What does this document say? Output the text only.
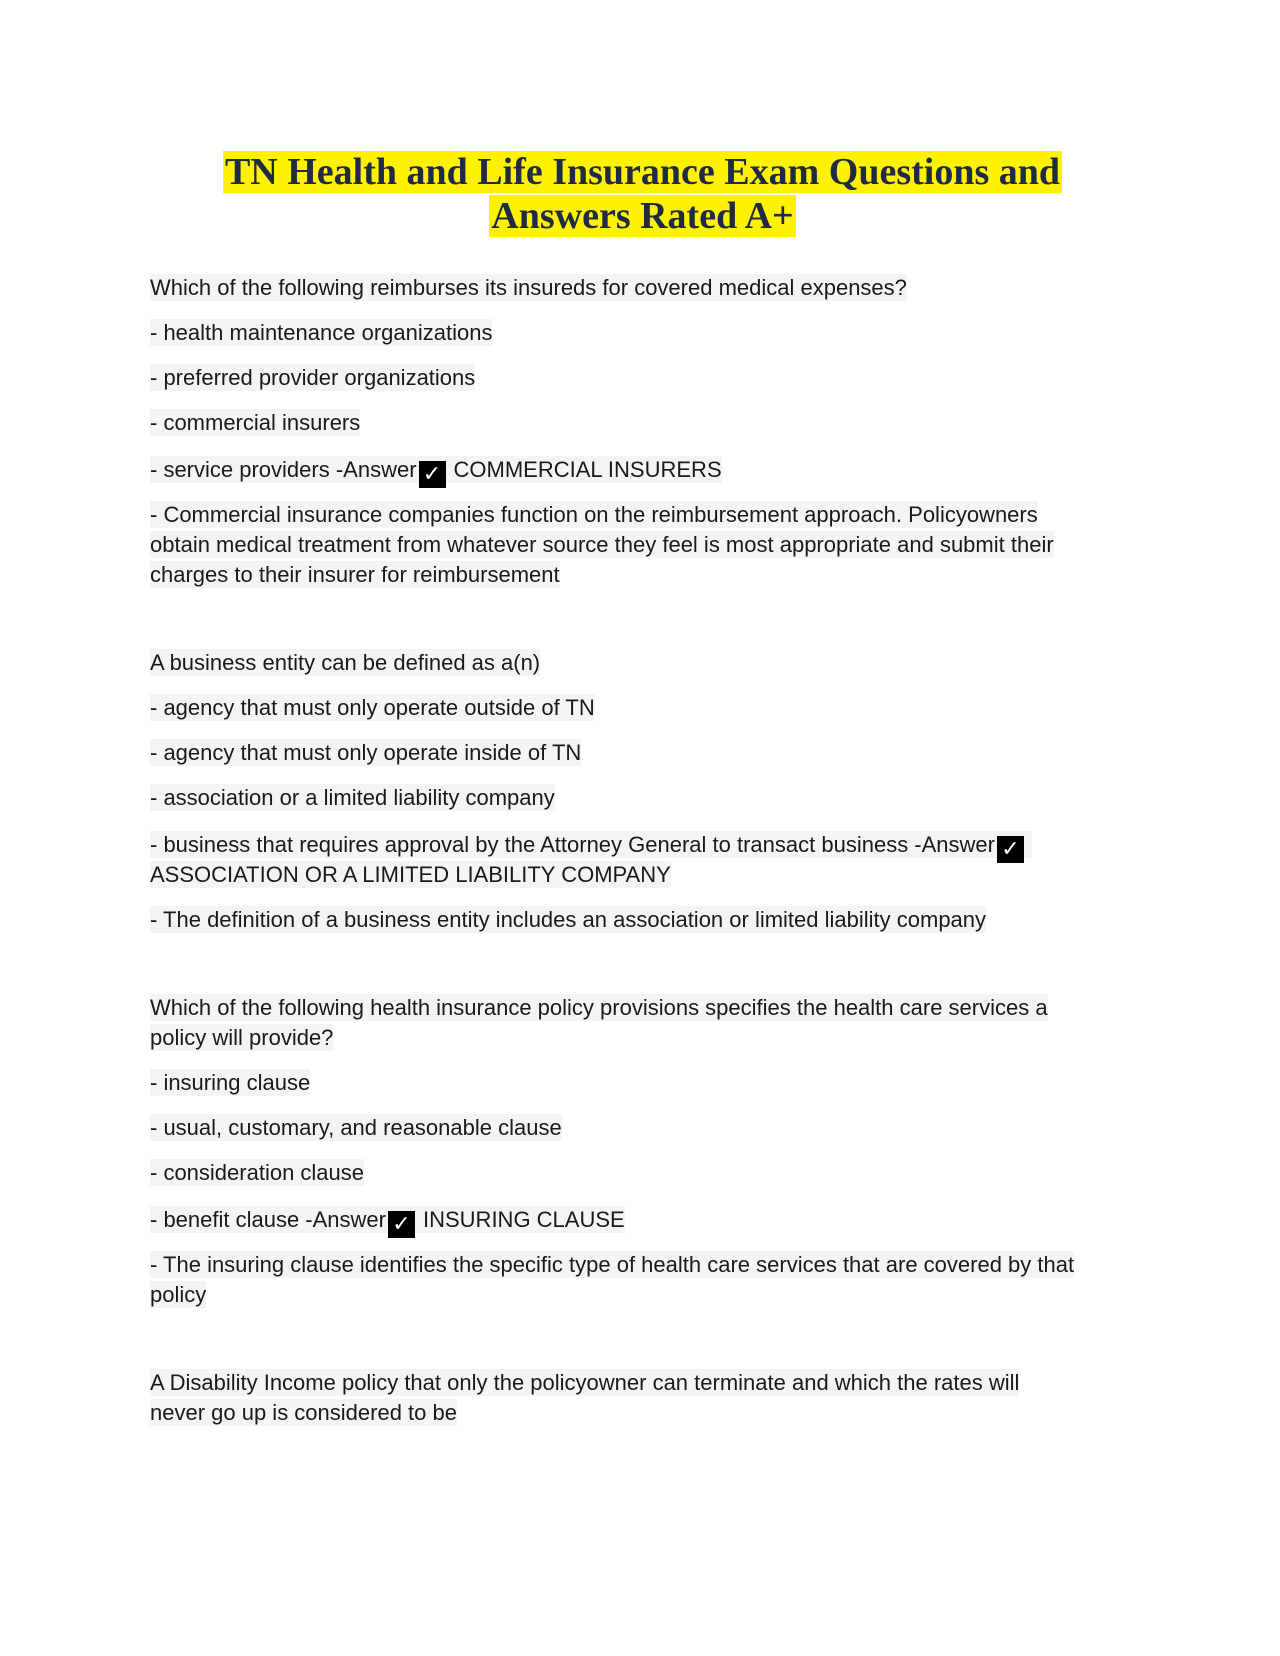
TN Health and Life Insurance Exam Questions and
Answers Rated A+
Which of the following reimburses its insureds for covered medical expenses?
- health maintenance organizations
- preferred provider organizations
- commercial insurers
- service providers -Answer ✓ COMMERCIAL INSURERS
- Commercial insurance companies function on the reimbursement approach. Policyowners
obtain medical treatment from whatever source they feel is most appropriate and submit their
charges to their insurer for reimbursement
A business entity can be defined as a(n)
- agency that must only operate outside of TN
- agency that must only operate inside of TN
- association or a limited liability company
- business that requires approval by the Attorney General to transact business -Answer ✓
ASSOCIATION OR A LIMITED LIABILITY COMPANY
- The definition of a business entity includes an association or limited liability company
Which of the following health insurance policy provisions specifies the health care services a
policy will provide?
- insuring clause
- usual, customary, and reasonable clause
- consideration clause
- benefit clause -Answer ✓ INSURING CLAUSE
- The insuring clause identifies the specific type of health care services that are covered by that
policy
A Disability Income policy that only the policyowner can terminate and which the rates will
never go up is considered to be
